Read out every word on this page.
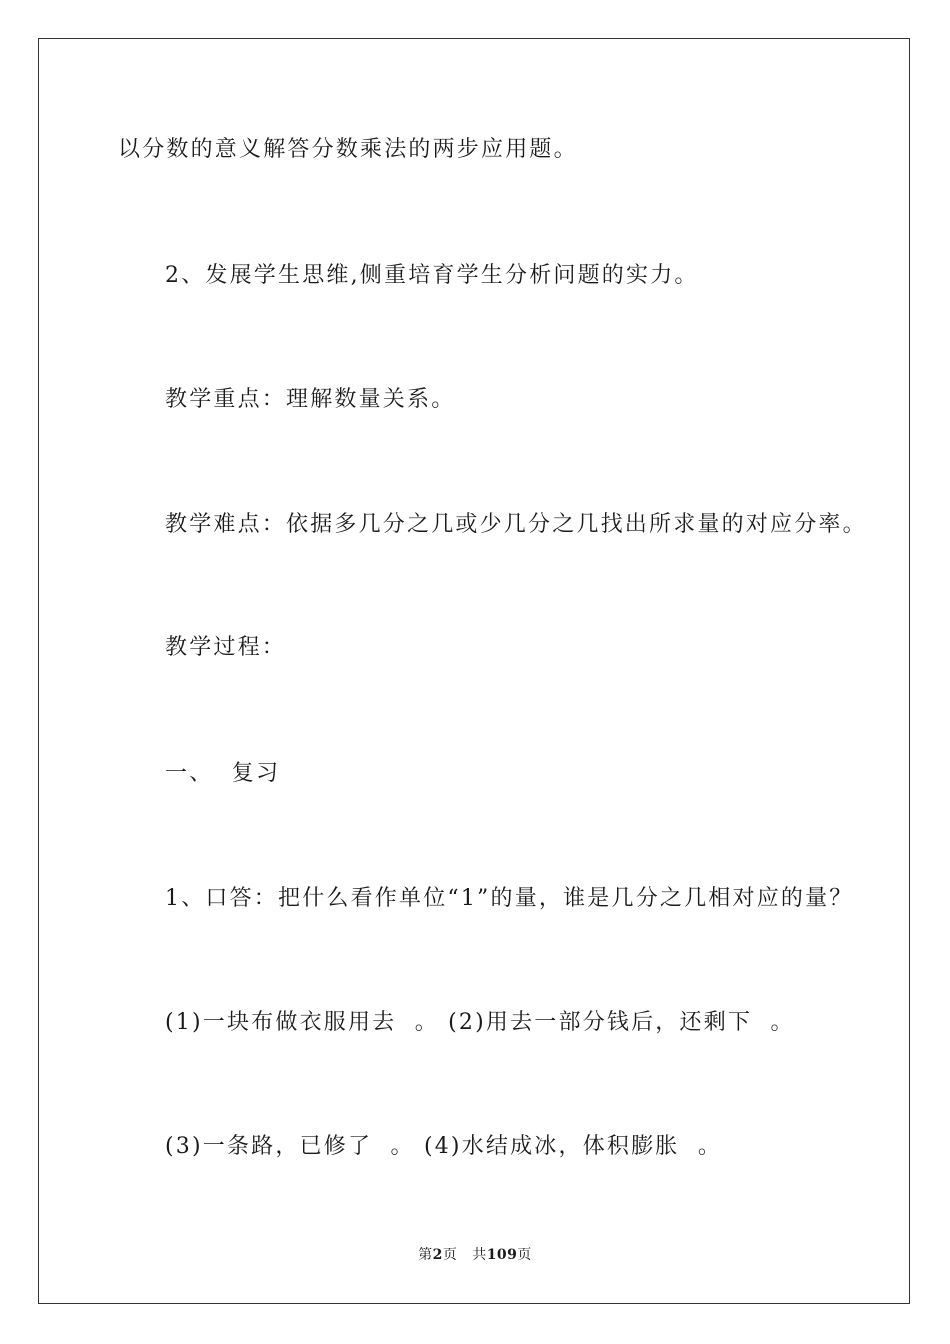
以分数的意义解答分数乘法的两步应用题。
2、发展学生思维,侧重培育学生分析问题的实力。
教学重点：理解数量关系。
教学难点：依据多几分之几或少几分之几找出所求量的对应分率。
教学过程：
一、  复习
1、口答：把什么看作单位“1”的量，谁是几分之几相对应的量？
(1)一块布做衣服用去  。 (2)用去一部分钱后，还剩下  。
(3)一条路，已修了  。 (4)水结成冰，体积膨胀  。
第2页 共109页
